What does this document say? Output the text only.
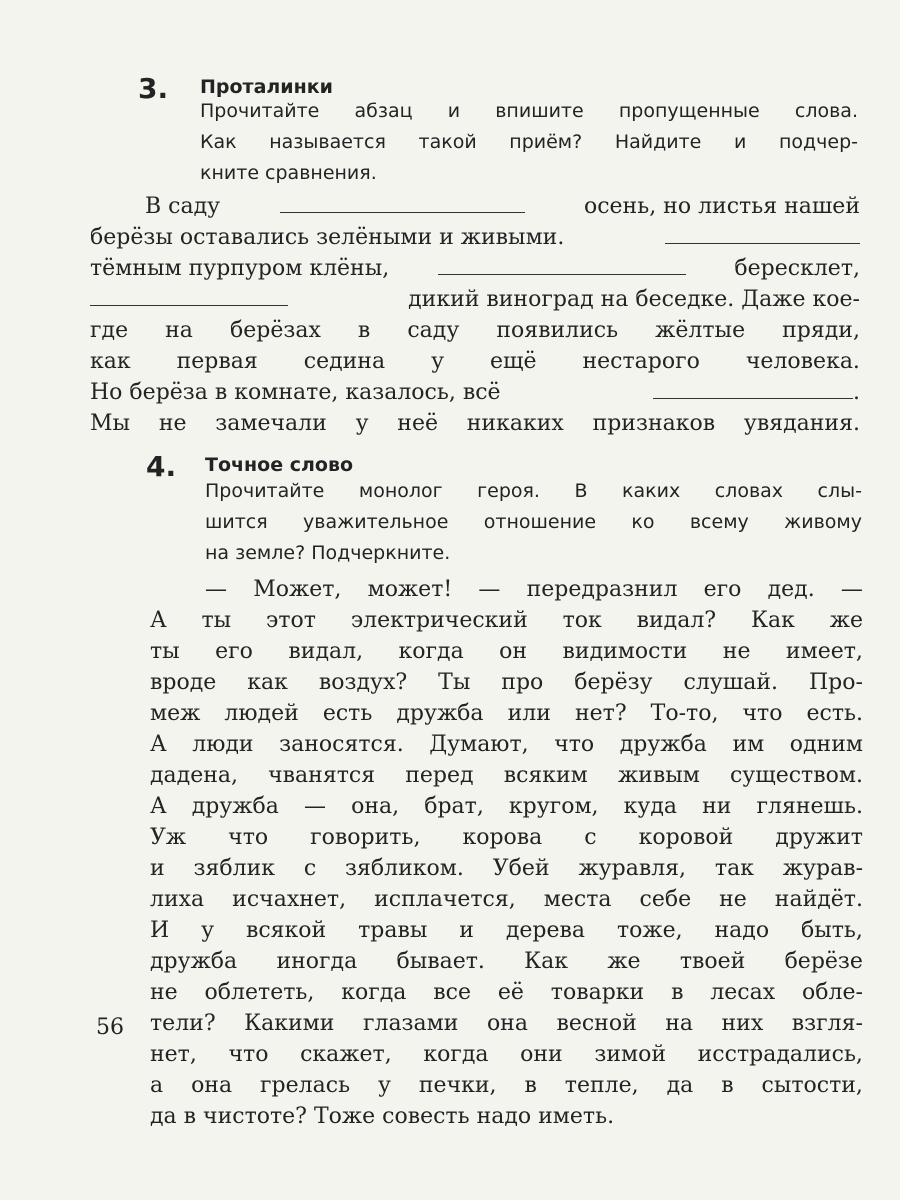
3. Проталинки
Прочитайте абзац и впишите пропущенные слова.
Как называется такой приём? Найдите и подчер-
кните сравнения.
В саду	осень, но листья нашей
берёзы оставались зелёными и живыми.
тёмным пурпуром клёны,	бересклет,
дикий виноград на беседке. Даже кое-
где на берёзах в саду появились жёлтые пряди,
как первая седина у ещё нестарого человека.
Но берёза в комнате, казалось, всё	.
Мы не замечали у неё никаких признаков увядания.
4. Точное слово
Прочитайте монолог героя. В каких словах слы-
шится уважительное отношение ко всему живому
на земле? Подчеркните.
— Может, может! — передразнил его дед. —
А ты этот электрический ток видал? Как же
ты его видал, когда он видимости не имеет,
вроде как воздух? Ты про берёзу слушай. Про-
меж людей есть дружба или нет? То-то, что есть.
А люди заносятся. Думают, что дружба им одним
дадена, чванятся перед всяким живым существом.
А дружба — она, брат, кругом, куда ни глянешь.
Уж что говорить, корова с коровой дружит
и зяблик с зябликом. Убей журавля, так журав-
лиха исчахнет, исплачется, места себе не найдёт.
И у всякой травы и дерева тоже, надо быть,
дружба иногда бывает. Как же твоей берёзе
не облететь, когда все её товарки в лесах обле-
тели? Какими глазами она весной на них взгля-
нет, что скажет, когда они зимой исстрадались,
а она грелась у печки, в тепле, да в сытости,
да в чистоте? Тоже совесть надо иметь.
56
